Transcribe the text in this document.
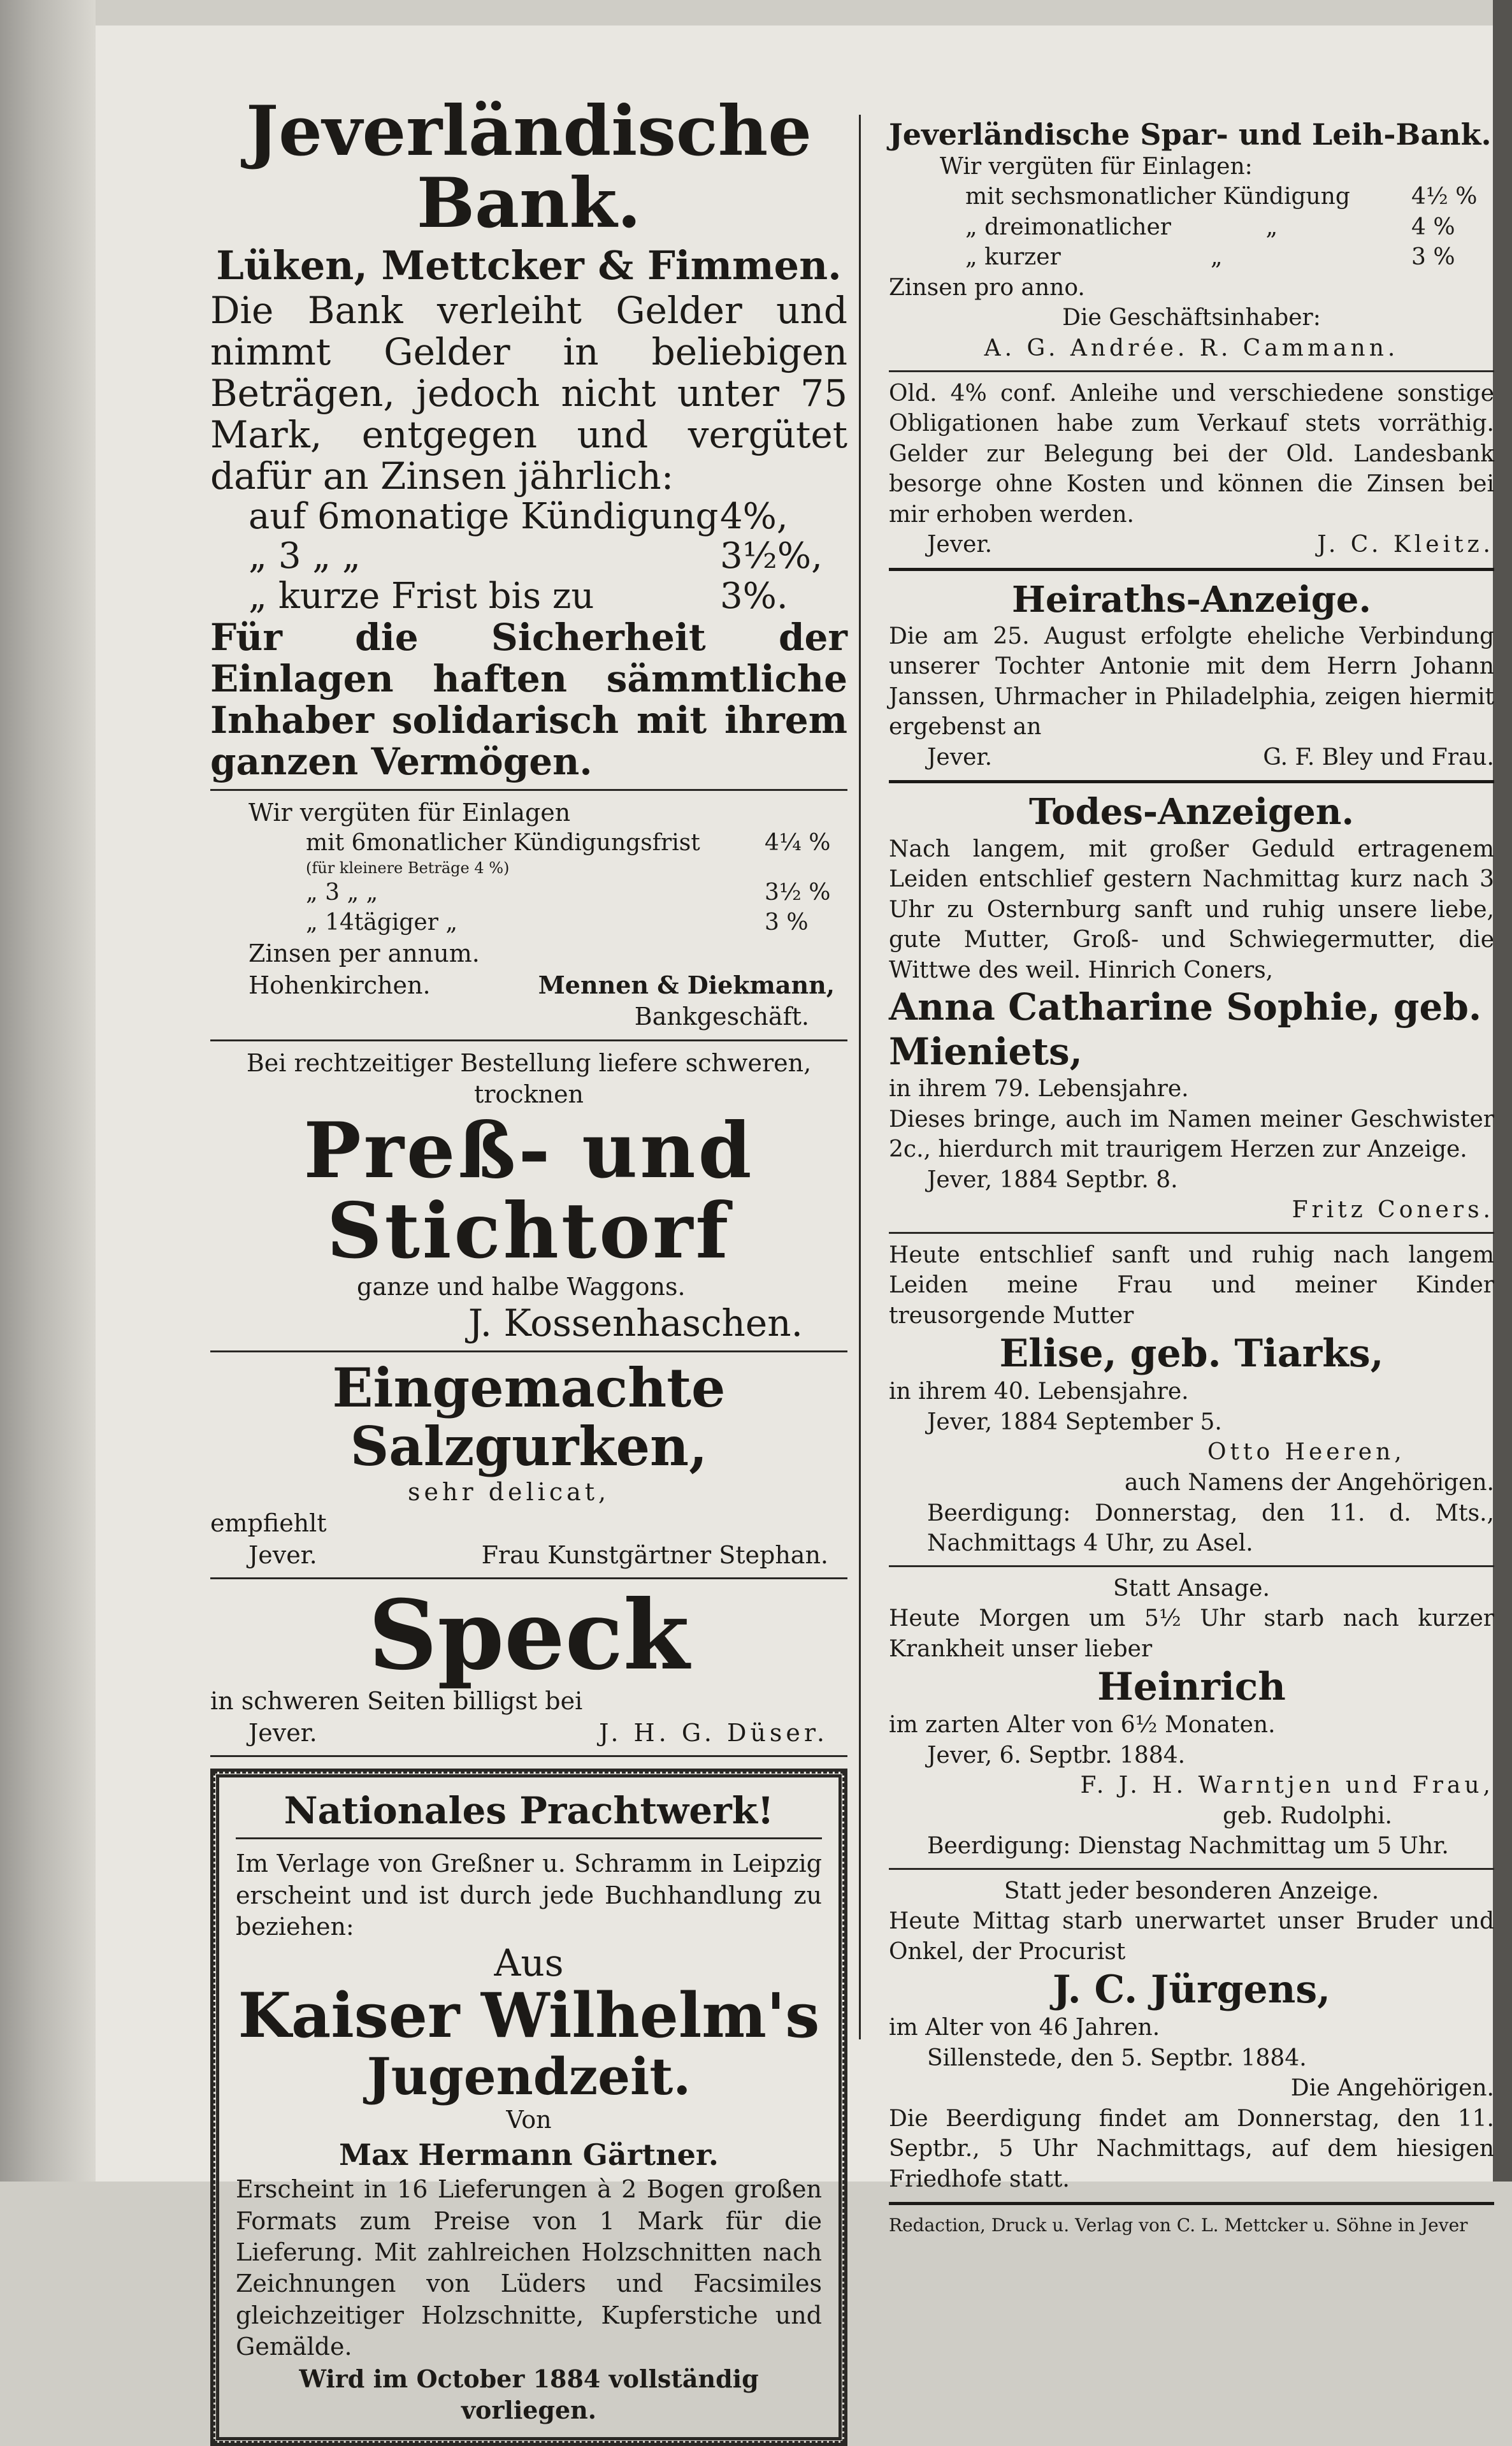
Jeverländische Bank.
Lüken, Mettcker & Fimmen.

Die Bank verleiht Gelder und nimmt Gelder in beliebigen Beträgen, jedoch nicht unter 75 Mark, entgegen und vergütet dafür an Zinsen jährlich:

auf 6monatige Kündigung 4%,
„ 3 „ „	3½%,
„ kurze Frist bis zu	3%.

Für die Sicherheit der Einlagen haften sämmtliche Inhaber solidarisch mit ihrem ganzen Vermögen.

Wir vergüten für Einlagen

mit 6monatlicher Kündigungsfrist	4¼ %
(für kleinere Beträge 4 %)
„ 3 „ „	3½ %
„ 14tägiger „	3 %

Zinsen per annum.

Hohenkirchen.	Mennen & Diekmann,

Bankgeschäft.

Bei rechtzeitiger Bestellung liefere schweren, trocknen

Preß- und Stichtorf

ganze und halbe Waggons.

J. Kossenhaschen.

Eingemachte Salzgurken,

sehr delicat,

empfiehlt

Jever.	Frau Kunstgärtner Stephan.
Speck

in schweren Seiten billigst bei

Jever.	J. H. G. Düser.
Nationales Prachtwerk!

Im Verlage von Greßner u. Schramm in Leipzig erscheint und ist durch jede Buchhandlung zu beziehen:

Aus

Kaiser Wilhelm's
Jugendzeit.

Von

Max Hermann Gärtner.

Erscheint in 16 Lieferungen à 2 Bogen großen Formats zum Preise von 1 Mark für die Lieferung. Mit zahlreichen Holzschnitten nach Zeichnungen von Lüders und Facsimiles gleichzeitiger Holzschnitte, Kupferstiche und Gemälde.

Wird im October 1884 vollständig vorliegen.

Jeverländische Spar- und Leih-Bank.

Wir vergüten für Einlagen:

mit sechsmonatlicher Kündigung	4½ %
„ dreimonatlicher	„	4 %
„ kurzer	„	3 %

Zinsen pro anno.

Die Geschäftsinhaber:

A. G. Andrée. R. Cammann.

Old. 4% conf. Anleihe und verschiedene sonstige Obligationen habe zum Verkauf stets vorräthig. Gelder zur Belegung bei der Old. Landesbank besorge ohne Kosten und können die Zinsen bei mir erhoben werden.

Jever.	J. C. Kleitz.
Heiraths-Anzeige.

Die am 25. August erfolgte eheliche Verbindung unserer Tochter Antonie mit dem Herrn Johann Janssen, Uhrmacher in Philadelphia, zeigen hiermit ergebenst an

Jever.	G. F. Bley und Frau.
Todes-Anzeigen.

Nach langem, mit großer Geduld ertragenem Leiden entschlief gestern Nachmittag kurz nach 3 Uhr zu Osternburg sanft und ruhig unsere liebe, gute Mutter, Groß- und Schwiegermutter, die Wittwe des weil. Hinrich Coners,

Anna Catharine Sophie, geb. Mieniets,

in ihrem 79. Lebensjahre.

Dieses bringe, auch im Namen meiner Geschwister 2c., hierdurch mit traurigem Herzen zur Anzeige.

Jever, 1884 Septbr. 8.

Fritz Coners.

Heute entschlief sanft und ruhig nach langem Leiden meine Frau und meiner Kinder treusorgende Mutter

Elise, geb. Tiarks,

in ihrem 40. Lebensjahre.

Jever, 1884 September 5.

Otto Heeren,

auch Namens der Angehörigen.

Beerdigung: Donnerstag, den 11. d. Mts., Nachmittags 4 Uhr, zu Asel.

Statt Ansage.

Heute Morgen um 5½ Uhr starb nach kurzer Krankheit unser lieber

Heinrich

im zarten Alter von 6½ Monaten.

Jever, 6. Septbr. 1884.

F. J. H. Warntjen und Frau,

geb. Rudolphi.

Beerdigung: Dienstag Nachmittag um 5 Uhr.

Statt jeder besonderen Anzeige.

Heute Mittag starb unerwartet unser Bruder und Onkel, der Procurist

J. C. Jürgens,

im Alter von 46 Jahren.

Sillenstede, den 5. Septbr. 1884.

Die Angehörigen.

Die Beerdigung findet am Donnerstag, den 11. Septbr., 5 Uhr Nachmittags, auf dem hiesigen Friedhofe statt.

Redaction, Druck u. Verlag von C. L. Mettcker u. Söhne in Jever
